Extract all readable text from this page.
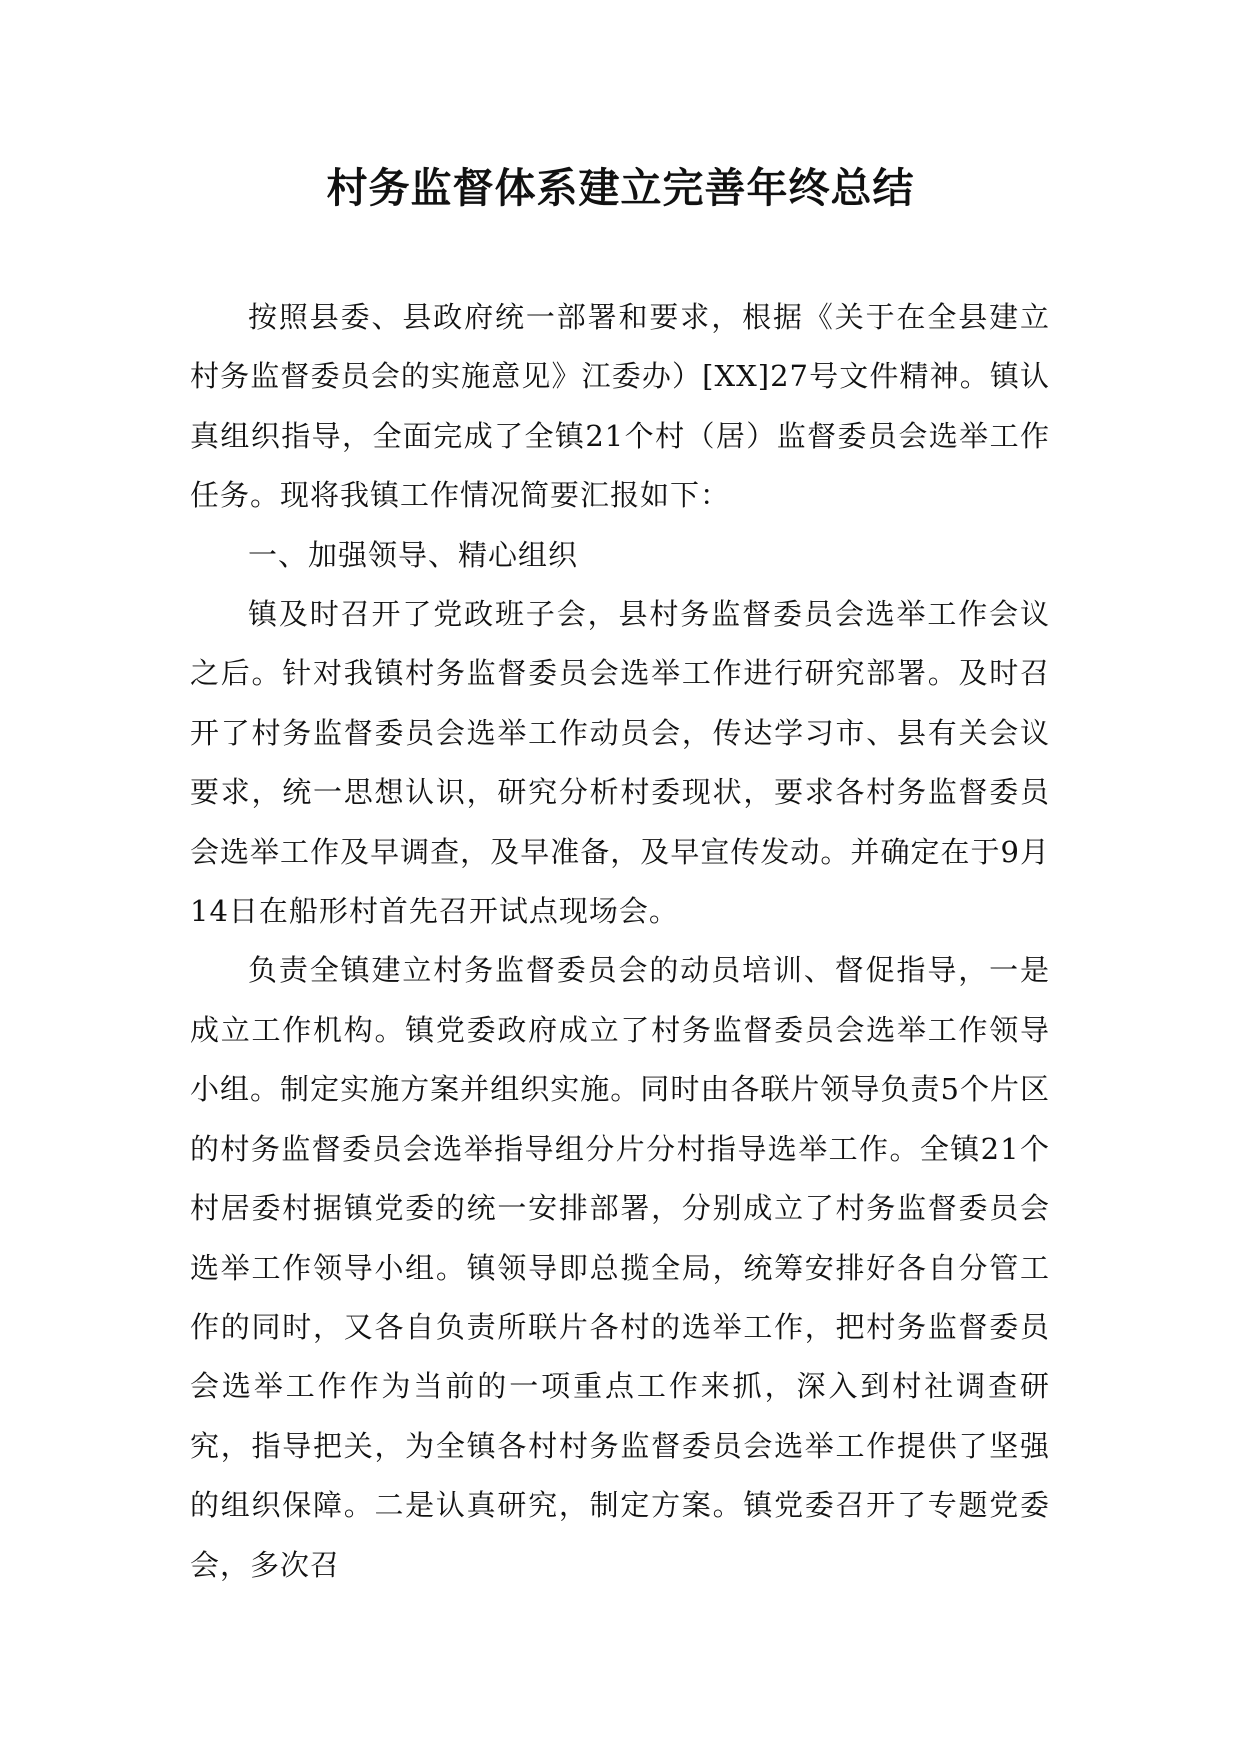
村务监督体系建立完善年终总结

按照县委、县政府统一部署和要求，根据《关于在全县建立村务监督委员会的实施意见》江委办）[XX]27号文件精神。镇认真组织指导，全面完成了全镇21个村（居）监督委员会选举工作任务。现将我镇工作情况简要汇报如下：

一、加强领导、精心组织

镇及时召开了党政班子会，县村务监督委员会选举工作会议之后。针对我镇村务监督委员会选举工作进行研究部署。及时召开了村务监督委员会选举工作动员会，传达学习市、县有关会议要求，统一思想认识，研究分析村委现状，要求各村务监督委员会选举工作及早调查，及早准备，及早宣传发动。并确定在于9月14日在船形村首先召开试点现场会。

负责全镇建立村务监督委员会的动员培训、督促指导，一是成立工作机构。镇党委政府成立了村务监督委员会选举工作领导小组。制定实施方案并组织实施。同时由各联片领导负责5个片区的村务监督委员会选举指导组分片分村指导选举工作。全镇21个村居委村据镇党委的统一安排部署，分别成立了村务监督委员会选举工作领导小组。镇领导即总揽全局，统筹安排好各自分管工作的同时，又各自负责所联片各村的选举工作，把村务监督委员会选举工作作为当前的一项重点工作来抓，深入到村社调查研究，指导把关，为全镇各村村务监督委员会选举工作提供了坚强的组织保障。二是认真研究，制定方案。镇党委召开了专题党委会，多次召
